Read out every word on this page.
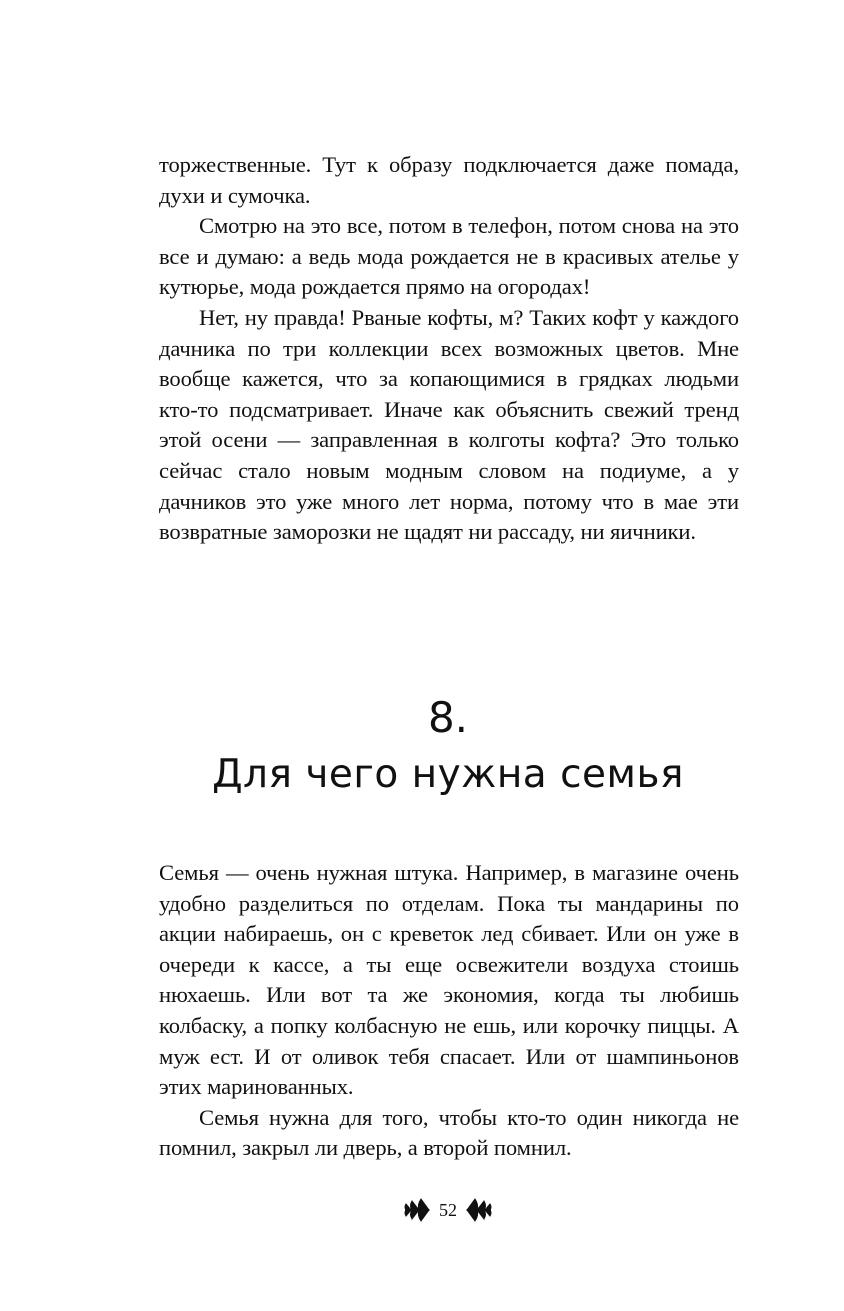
торжественные. Тут к образу подключается даже помада, духи и сумочка.

Смотрю на это все, потом в телефон, потом снова на это все и думаю: а ведь мода рождается не в красивых ателье у кутюрье, мода рождается прямо на огородах!

Нет, ну правда! Рваные кофты, м? Таких кофт у каждого дачника по три коллекции всех возможных цветов. Мне вообще кажется, что за копающимися в грядках людьми кто-то подсматривает. Иначе как объяснить свежий тренд этой осени — заправленная в колготы кофта? Это только сейчас стало новым модным словом на подиуме, а у дачников это уже много лет норма, потому что в мае эти возвратные заморозки не щадят ни рассаду, ни яичники.

8.
Для чего нужна семья

Семья — очень нужная штука. Например, в магазине очень удобно разделиться по отделам. Пока ты мандарины по акции набираешь, он с креветок лед сбивает. Или он уже в очереди к кассе, а ты еще освежители воздуха стоишь нюхаешь. Или вот та же экономия, когда ты любишь колбаску, а попку колбасную не ешь, или корочку пиццы. А муж ест. И от оливок тебя спасает. Или от шампиньонов этих маринованных.

Семья нужна для того, чтобы кто-то один никогда не помнил, закрыл ли дверь, а второй помнил.

52
